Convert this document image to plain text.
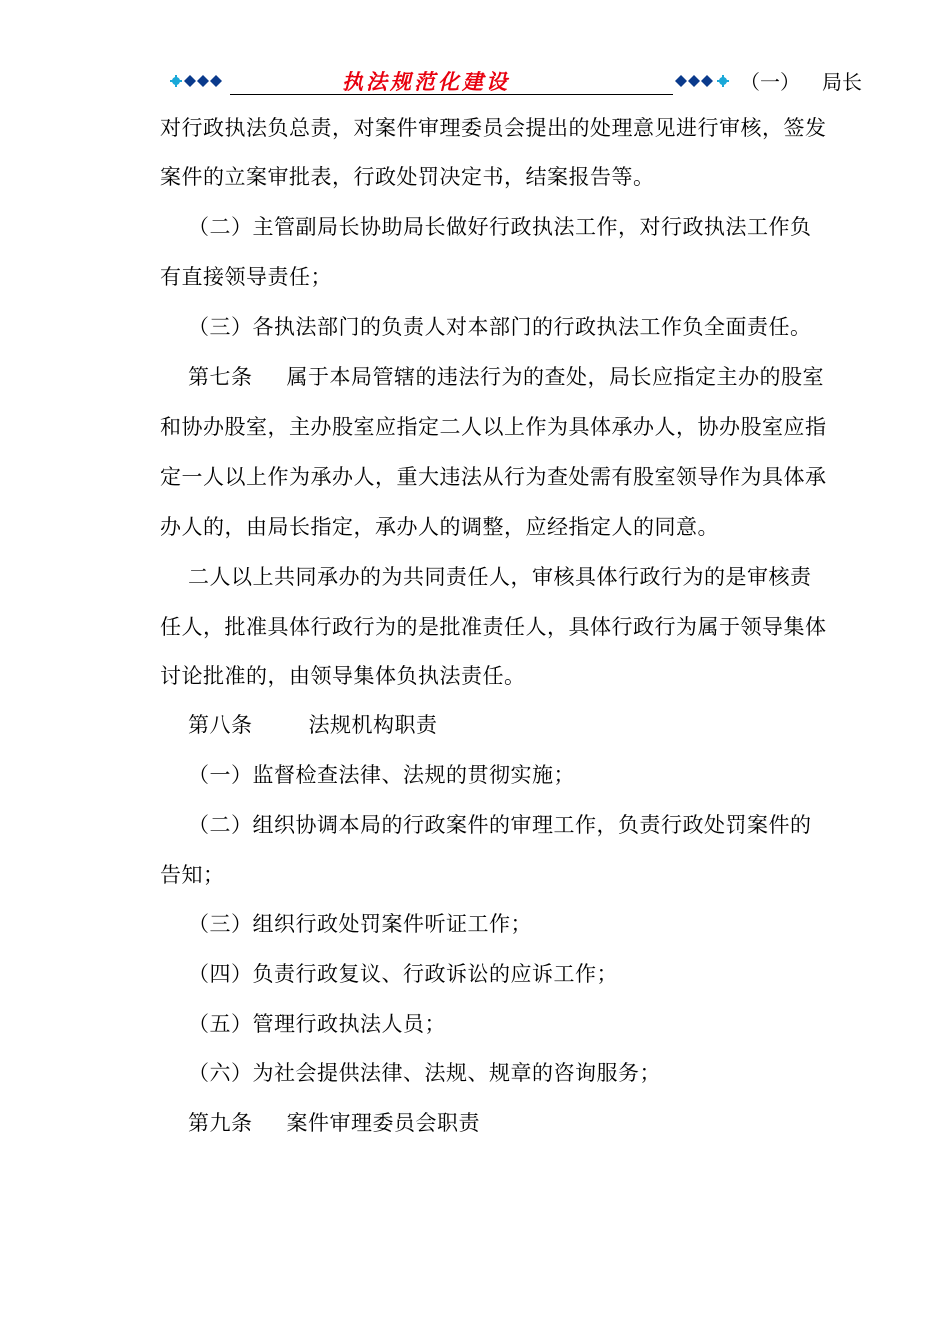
执法规范化建设	（一） 局长
对行政执法负总责，对案件审理委员会提出的处理意见进行审核，签发
案件的立案审批表，行政处罚决定书，结案报告等。
（二）主管副局长协助局长做好行政执法工作，对行政执法工作负
有直接领导责任；
（三）各执法部门的负责人对本部门的行政执法工作负全面责任。
第七条 属于本局管辖的违法行为的查处，局长应指定主办的股室
和协办股室，主办股室应指定二人以上作为具体承办人，协办股室应指
定一人以上作为承办人，重大违法从行为查处需有股室领导作为具体承
办人的，由局长指定，承办人的调整，应经指定人的同意。
二人以上共同承办的为共同责任人，审核具体行政行为的是审核责
任人，批准具体行政行为的是批准责任人，具体行政行为属于领导集体
讨论批准的，由领导集体负执法责任。
第八条	法规机构职责
（一）监督检查法律、法规的贯彻实施；
（二）组织协调本局的行政案件的审理工作，负责行政处罚案件的
告知；
（三）组织行政处罚案件听证工作；
（四）负责行政复议、行政诉讼的应诉工作；
（五）管理行政执法人员；
（六）为社会提供法律、法规、规章的咨询服务；
第九条 案件审理委员会职责
